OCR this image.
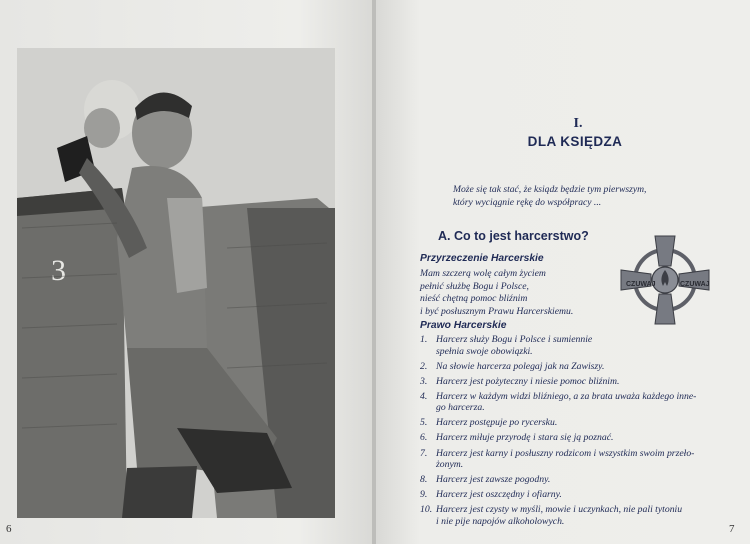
3
6	7
I.
DLA KSIĘDZA
Może się tak stać, że ksiądz będzie tym pierwszym,
który wyciągnie rękę do współpracy ...
A. Co to jest harcerstwo?
CZUWAJ	CZUWAJ
Przyrzeczenie Harcerskie
Mam szczerą wolę całym życiem
pełnić służbę Bogu i Polsce,
nieść chętną pomoc bliźnim
i być posłusznym Prawu Harcerskiemu.
Prawo Harcerskie
1. Harcerz służy Bogu i Polsce i sumiennie
spełnia swoje obowiązki.
2. Na słowie harcerza polegaj jak na Zawiszy.
3. Harcerz jest pożyteczny i niesie pomoc bliźnim.
4. Harcerz w każdym widzi bliźniego, a za brata uważa każdego inne-
go harcerza.
5. Harcerz postępuje po rycersku.
6. Harcerz miłuje przyrodę i stara się ją poznać.
7. Harcerz jest karny i posłuszny rodzicom i wszystkim swoim przeło-
żonym.
8. Harcerz jest zawsze pogodny.
9. Harcerz jest oszczędny i ofiarny.
10. Harcerz jest czysty w myśli, mowie i uczynkach, nie pali tytoniu
i nie pije napojów alkoholowych.
